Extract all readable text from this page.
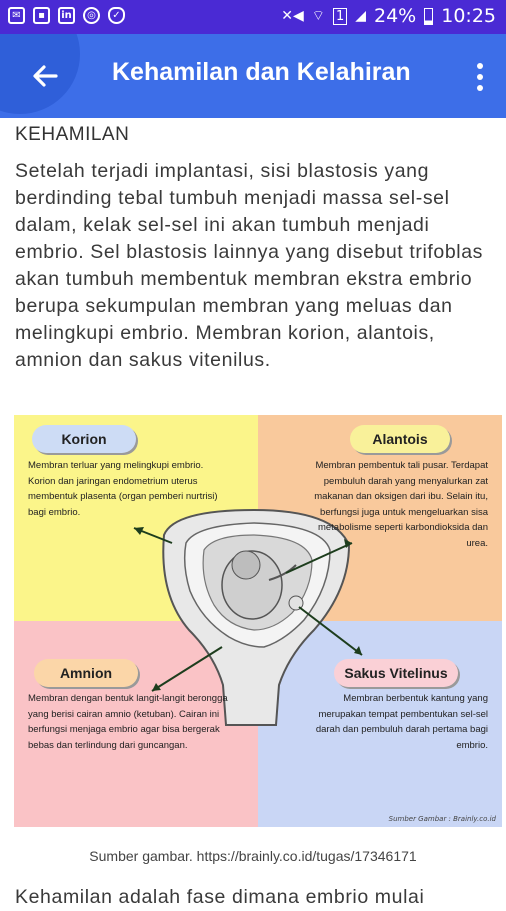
✉	▪	in	◎	✓	✕◀ ⌔ 1 ◢ 24% 10:25
Kehamilan dan Kelahiran
KEHAMILAN
Setelah terjadi implantasi, sisi blastosis yang berdinding tebal tumbuh menjadi massa sel-sel dalam, kelak sel-sel ini akan tumbuh menjadi embrio. Sel blastosis lainnya yang disebut trifoblas akan tumbuh membentuk membran ekstra embrio berupa sekumpulan membran yang meluas dan melingkupi embrio. Membran korion, alantois, amnion dan sakus vitenilus.
Korion
Membran terluar yang melingkupi embrio. Korion dan jaringan endometrium uterus membentuk plasenta (organ pemberi nurtrisi) bagi embrio.
Alantois
Membran pembentuk tali pusar. Terdapat pembuluh darah yang menyalurkan zat makanan dan oksigen dari ibu. Selain itu, berfungsi juga untuk mengeluarkan sisa metabolisme seperti karbondioksida dan urea.
Amnion
Membran dengan bentuk langit-langit berongga yang berisi cairan amnio (ketuban). Cairan ini berfungsi menjaga embrio agar bisa bergerak bebas dan terlindung dari guncangan.
Sakus Vitelinus
Membran berbentuk kantung yang merupakan tempat pembentukan sel-sel darah dan pembuluh darah pertama bagi embrio.
Sumber Gambar : Brainly.co.id
Sumber gambar. https://brainly.co.id/tugas/17346171
Kehamilan adalah fase dimana embrio mulai
